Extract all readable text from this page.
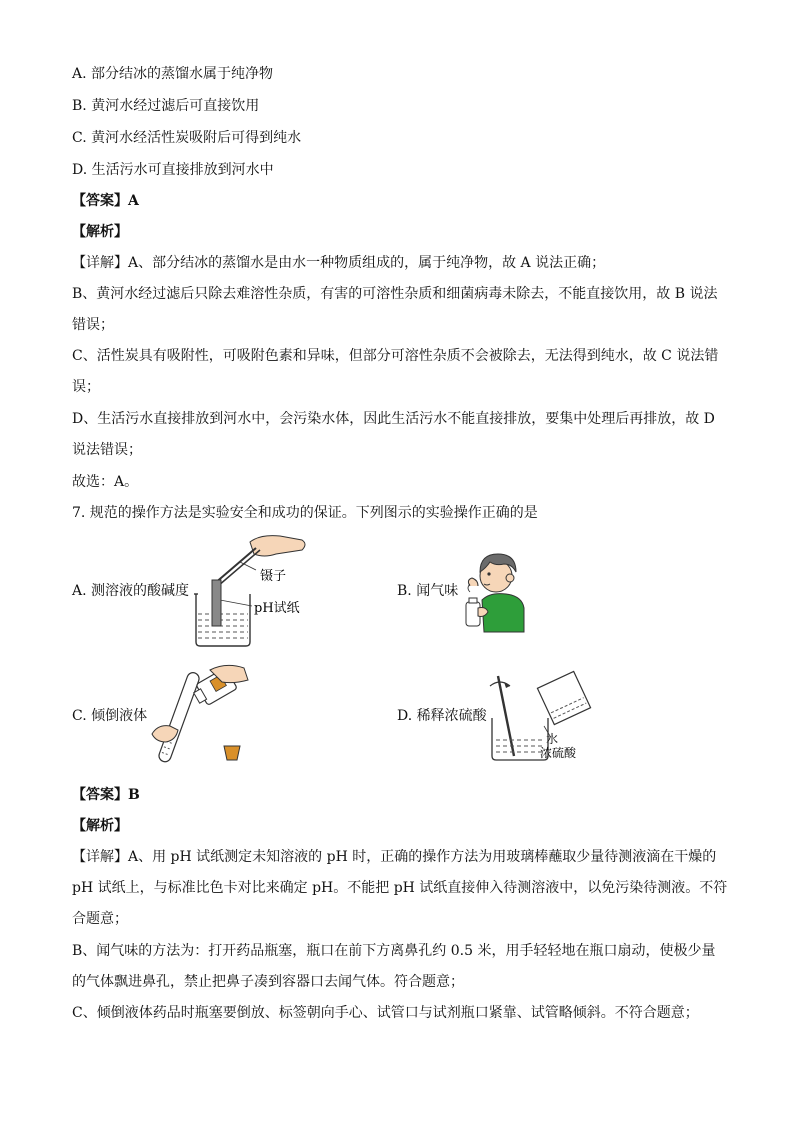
A. 部分结冰的蒸馏水属于纯净物
B. 黄河水经过滤后可直接饮用
C. 黄河水经活性炭吸附后可得到纯水
D. 生活污水可直接排放到河水中
【答案】A
【解析】
【详解】A、部分结冰的蒸馏水是由水一种物质组成的，属于纯净物，故 A 说法正确；
B、黄河水经过滤后只除去难溶性杂质，有害的可溶性杂质和细菌病毒未除去，不能直接饮用，故 B 说法
错误；
C、活性炭具有吸附性，可吸附色素和异味，但部分可溶性杂质不会被除去，无法得到纯水，故 C 说法错
误；
D、生活污水直接排放到河水中，会污染水体，因此生活污水不能直接排放，要集中处理后再排放，故 D
说法错误；
故选：A。
7. 规范的操作方法是实验安全和成功的保证。下列图示的实验操作正确的是
A. 测溶液的酸碱度
镊子
pH试纸
B. 闻气味
C. 倾倒液体	D. 稀释浓硫酸
水
浓硫酸
【答案】B
【解析】
【详解】A、用 pH 试纸测定未知溶液的 pH 时，正确的操作方法为用玻璃棒蘸取少量待测液滴在干燥的
pH 试纸上，与标准比色卡对比来确定 pH。不能把 pH 试纸直接伸入待测溶液中，以免污染待测液。不符
合题意；
B、闻气味的方法为：打开药品瓶塞，瓶口在前下方离鼻孔约 0.5 米，用手轻轻地在瓶口扇动，使极少量
的气体飘进鼻孔，禁止把鼻子凑到容器口去闻气体。符合题意；
C、倾倒液体药品时瓶塞要倒放、标签朝向手心、试管口与试剂瓶口紧靠、试管略倾斜。不符合题意；
